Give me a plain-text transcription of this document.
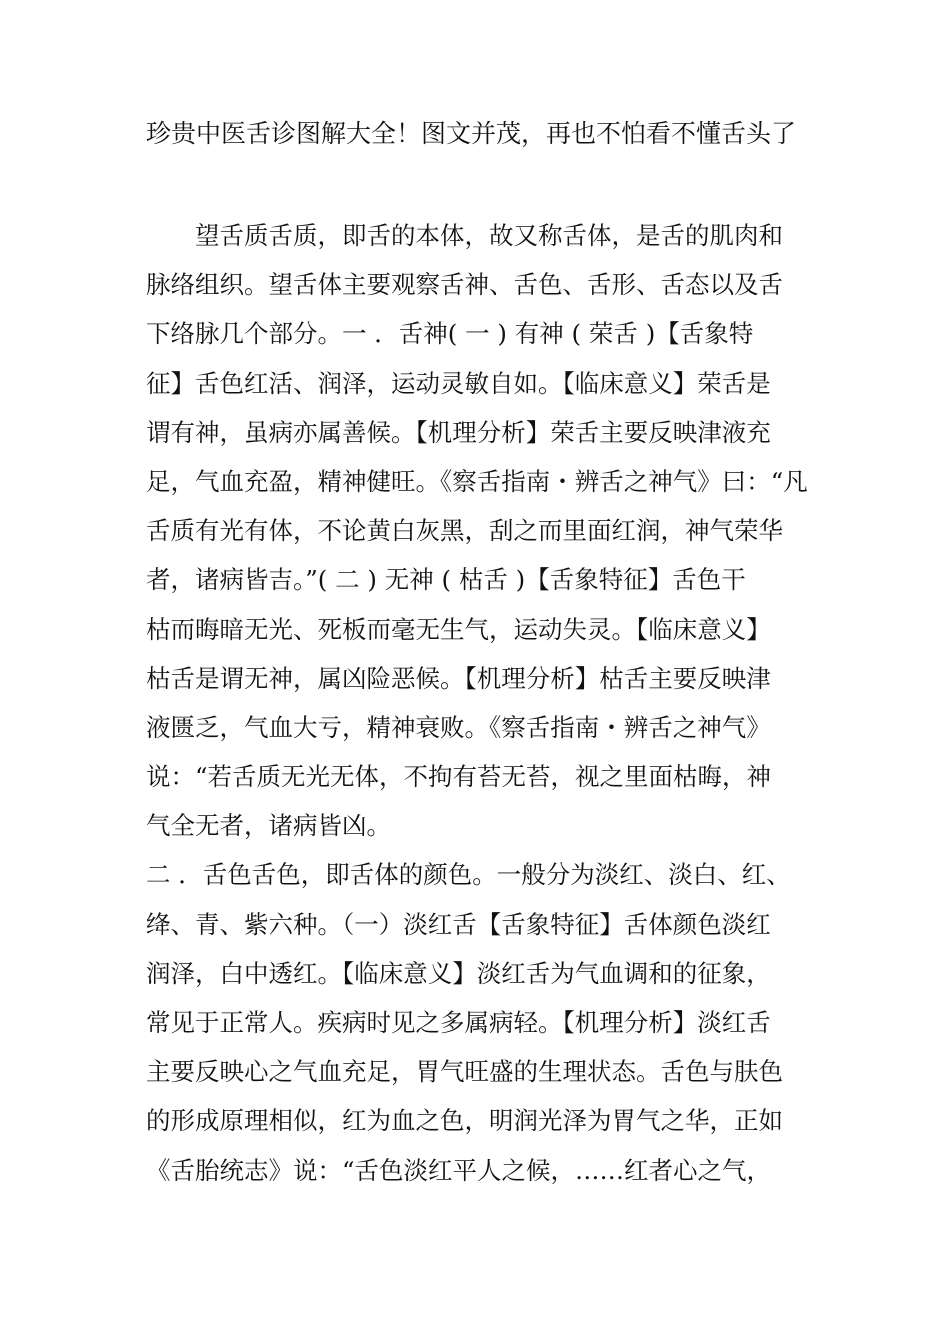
珍贵中医舌诊图解大全！图文并茂，再也不怕看不懂舌头了
望舌质舌质，即舌的本体，故又称舌体，是舌的肌肉和
脉络组织。望舌体主要观察舌神、舌色、舌形、舌态以及舌
下络脉几个部分。一 ．舌神( 一 ) 有神 ( 荣舌 )【舌象特
征】舌色红活、润泽，运动灵敏自如。【临床意义】荣舌是
谓有神，虽病亦属善候。【机理分析】荣舌主要反映津液充
足，气血充盈，精神健旺。《察舌指南・辨舌之神气》曰：“凡
舌质有光有体，不论黄白灰黑，刮之而里面红润，神气荣华
者，诸病皆吉。”( 二 ) 无神 ( 枯舌 )【舌象特征】舌色干
枯而晦暗无光、死板而毫无生气，运动失灵。【临床意义】
枯舌是谓无神，属凶险恶候。【机理分析】枯舌主要反映津
液匮乏，气血大亏，精神衰败。《察舌指南・辨舌之神气》
说：“若舌质无光无体，不拘有苔无苔，视之里面枯晦，神
气全无者，诸病皆凶。
二 ．舌色舌色，即舌体的颜色。一般分为淡红、淡白、红、
绛、青、紫六种。（一）淡红舌【舌象特征】舌体颜色淡红
润泽，白中透红。【临床意义】淡红舌为气血调和的征象，
常见于正常人。疾病时见之多属病轻。【机理分析】淡红舌
主要反映心之气血充足，胃气旺盛的生理状态。舌色与肤色
的形成原理相似，红为血之色，明润光泽为胃气之华，正如
《舌胎统志》说：“舌色淡红平人之候，……红者心之气，
